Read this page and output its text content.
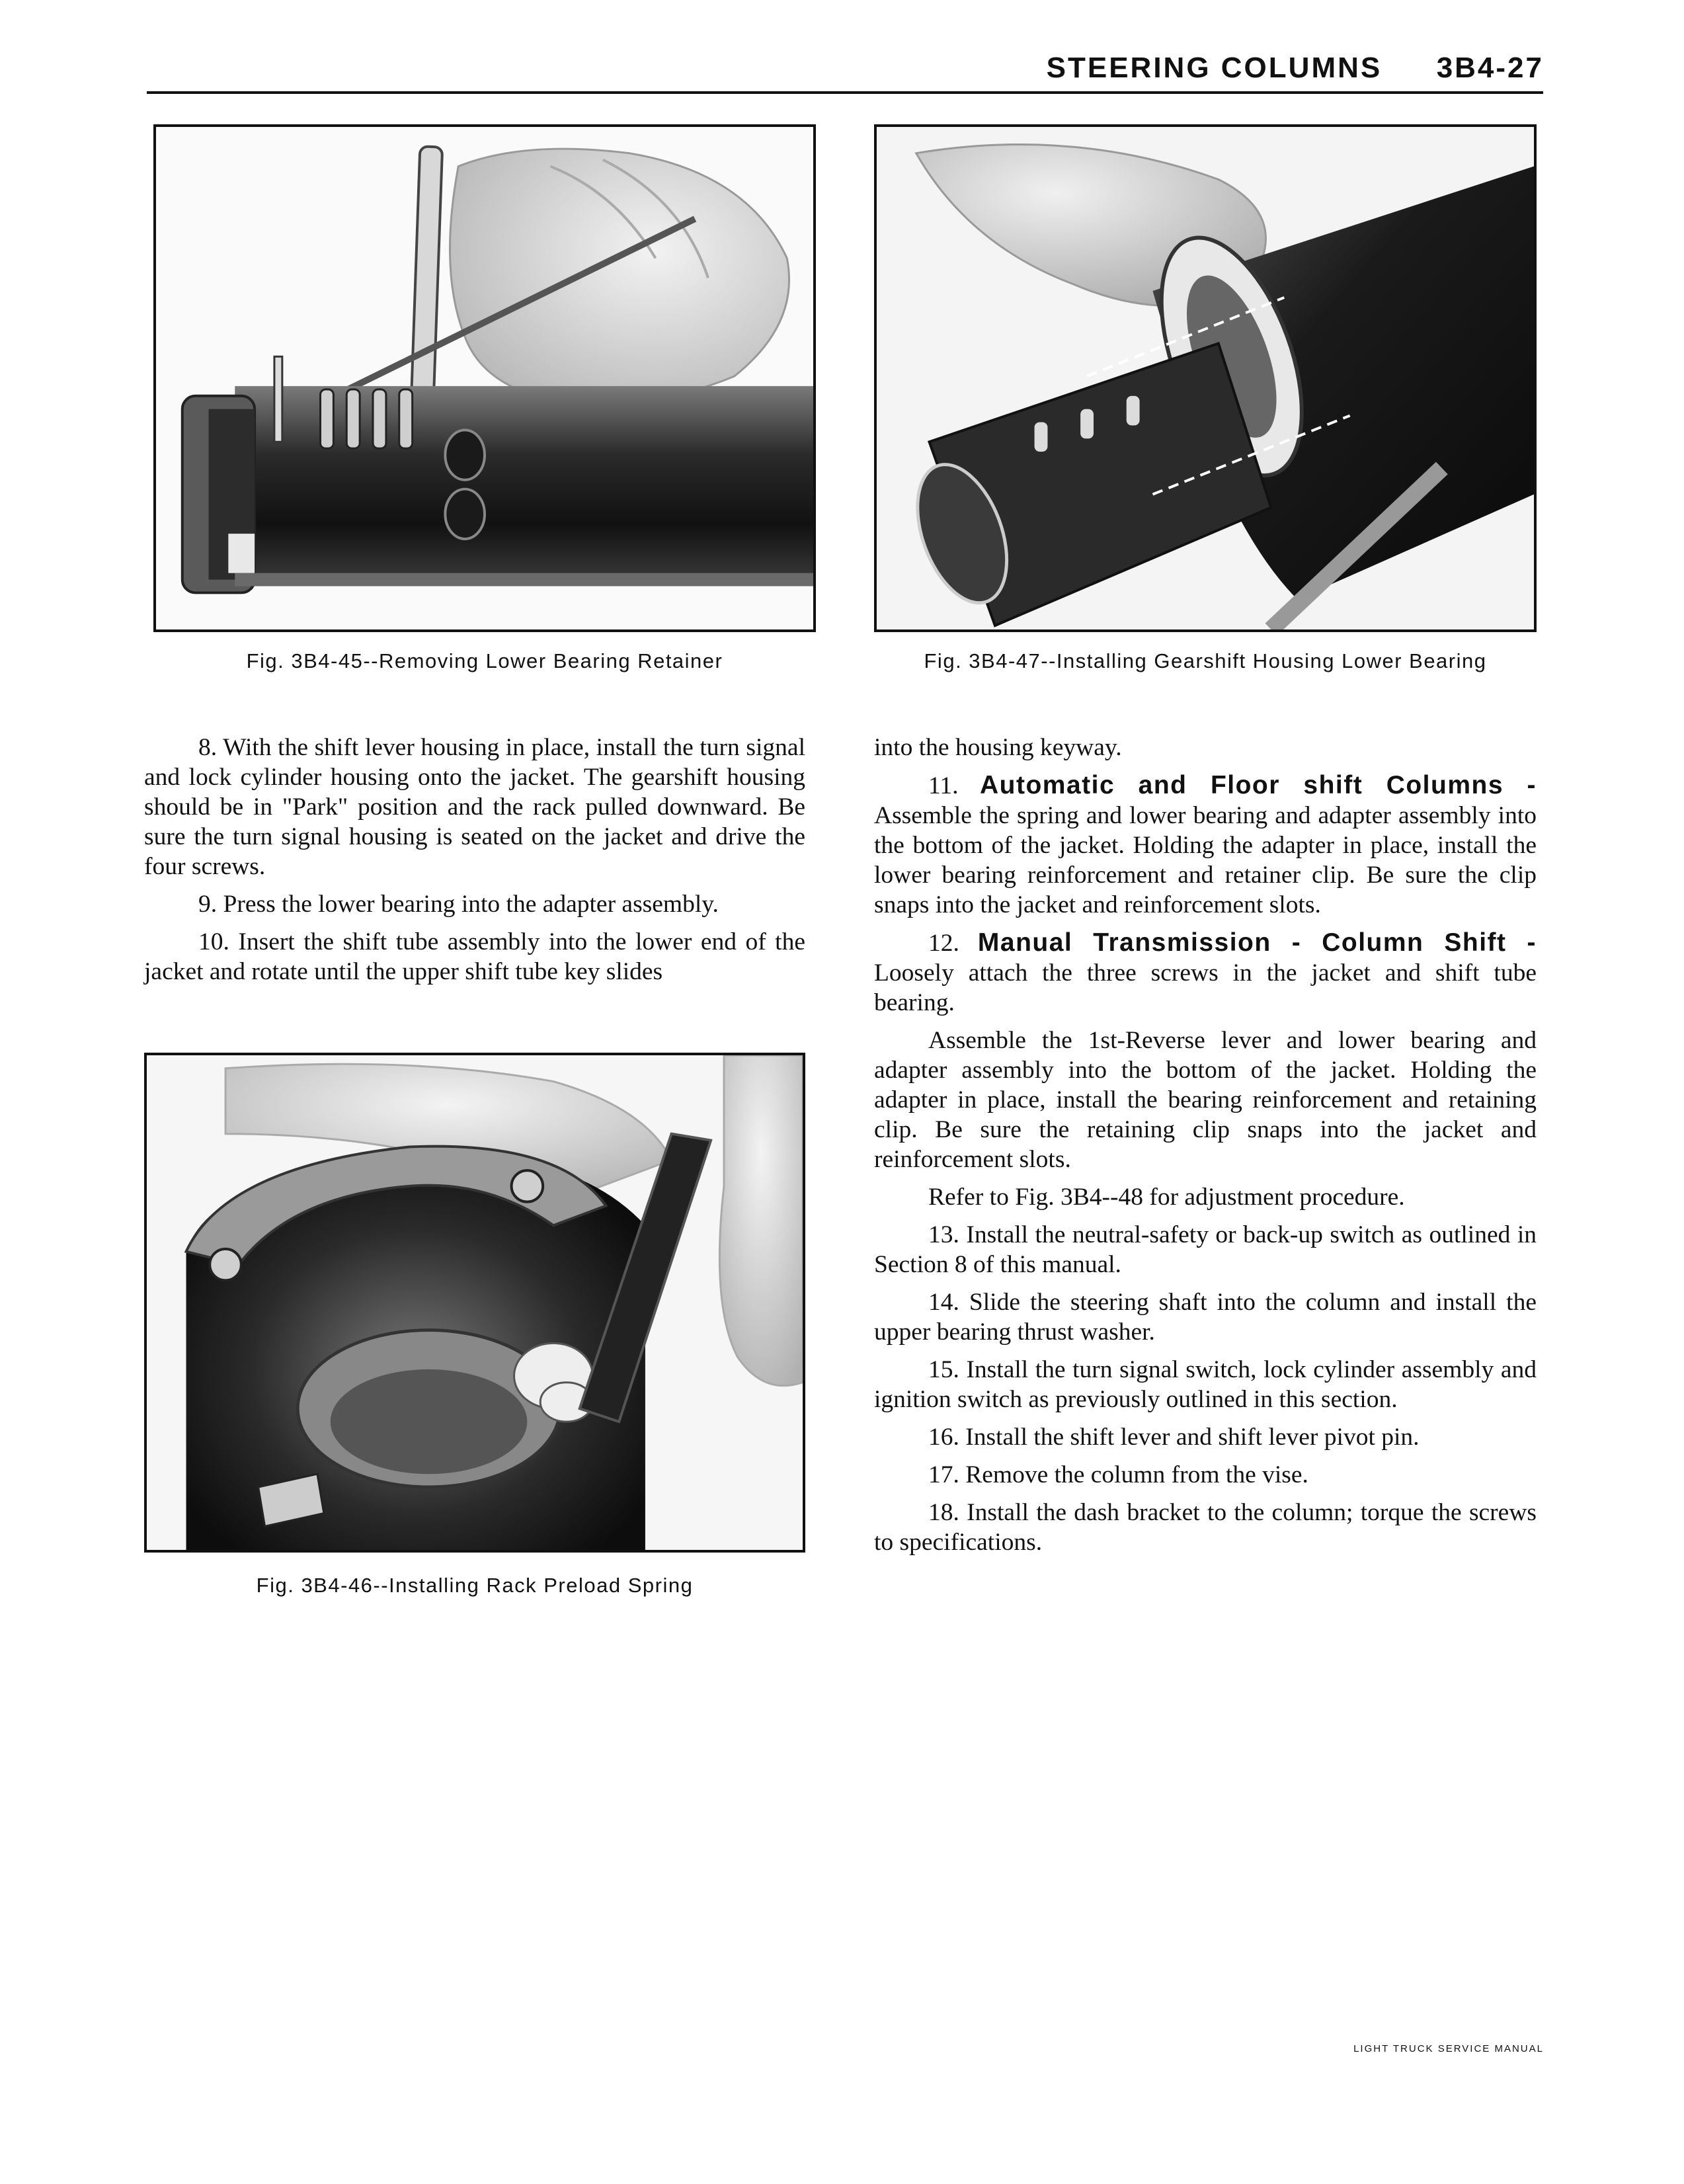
STEERING COLUMNS 3B4-27
Fig. 3B4-45--Removing Lower Bearing Retainer	Fig. 3B4-47--Installing Gearshift Housing Lower Bearing
Fig. 3B4-46--Installing Rack Preload Spring

8. With the shift lever housing in place, install the turn signal and lock cylinder housing onto the jacket. The gearshift housing should be in "Park" position and the rack pulled downward. Be sure the turn signal housing is seated on the jacket and drive the four screws.

9. Press the lower bearing into the adapter assembly.

10. Insert the shift tube assembly into the lower end of the jacket and rotate until the upper shift tube key slides

into the housing keyway.

11. Automatic and Floor shift Columns - Assemble the spring and lower bearing and adapter assembly into the bottom of the jacket. Holding the adapter in place, install the lower bearing reinforcement and retainer clip. Be sure the clip snaps into the jacket and reinforcement slots.

12. Manual Transmission - Column Shift - Loosely attach the three screws in the jacket and shift tube bearing.

Assemble the 1st-Reverse lever and lower bearing and adapter assembly into the bottom of the jacket. Holding the adapter in place, install the bearing reinforcement and retaining clip. Be sure the retaining clip snaps into the jacket and reinforcement slots.

Refer to Fig. 3B4--48 for adjustment procedure.

13. Install the neutral-safety or back-up switch as outlined in Section 8 of this manual.

14. Slide the steering shaft into the column and install the upper bearing thrust washer.

15. Install the turn signal switch, lock cylinder assembly and ignition switch as previously outlined in this section.

16. Install the shift lever and shift lever pivot pin.

17. Remove the column from the vise.

18. Install the dash bracket to the column; torque the screws to specifications.

LIGHT TRUCK SERVICE MANUAL
